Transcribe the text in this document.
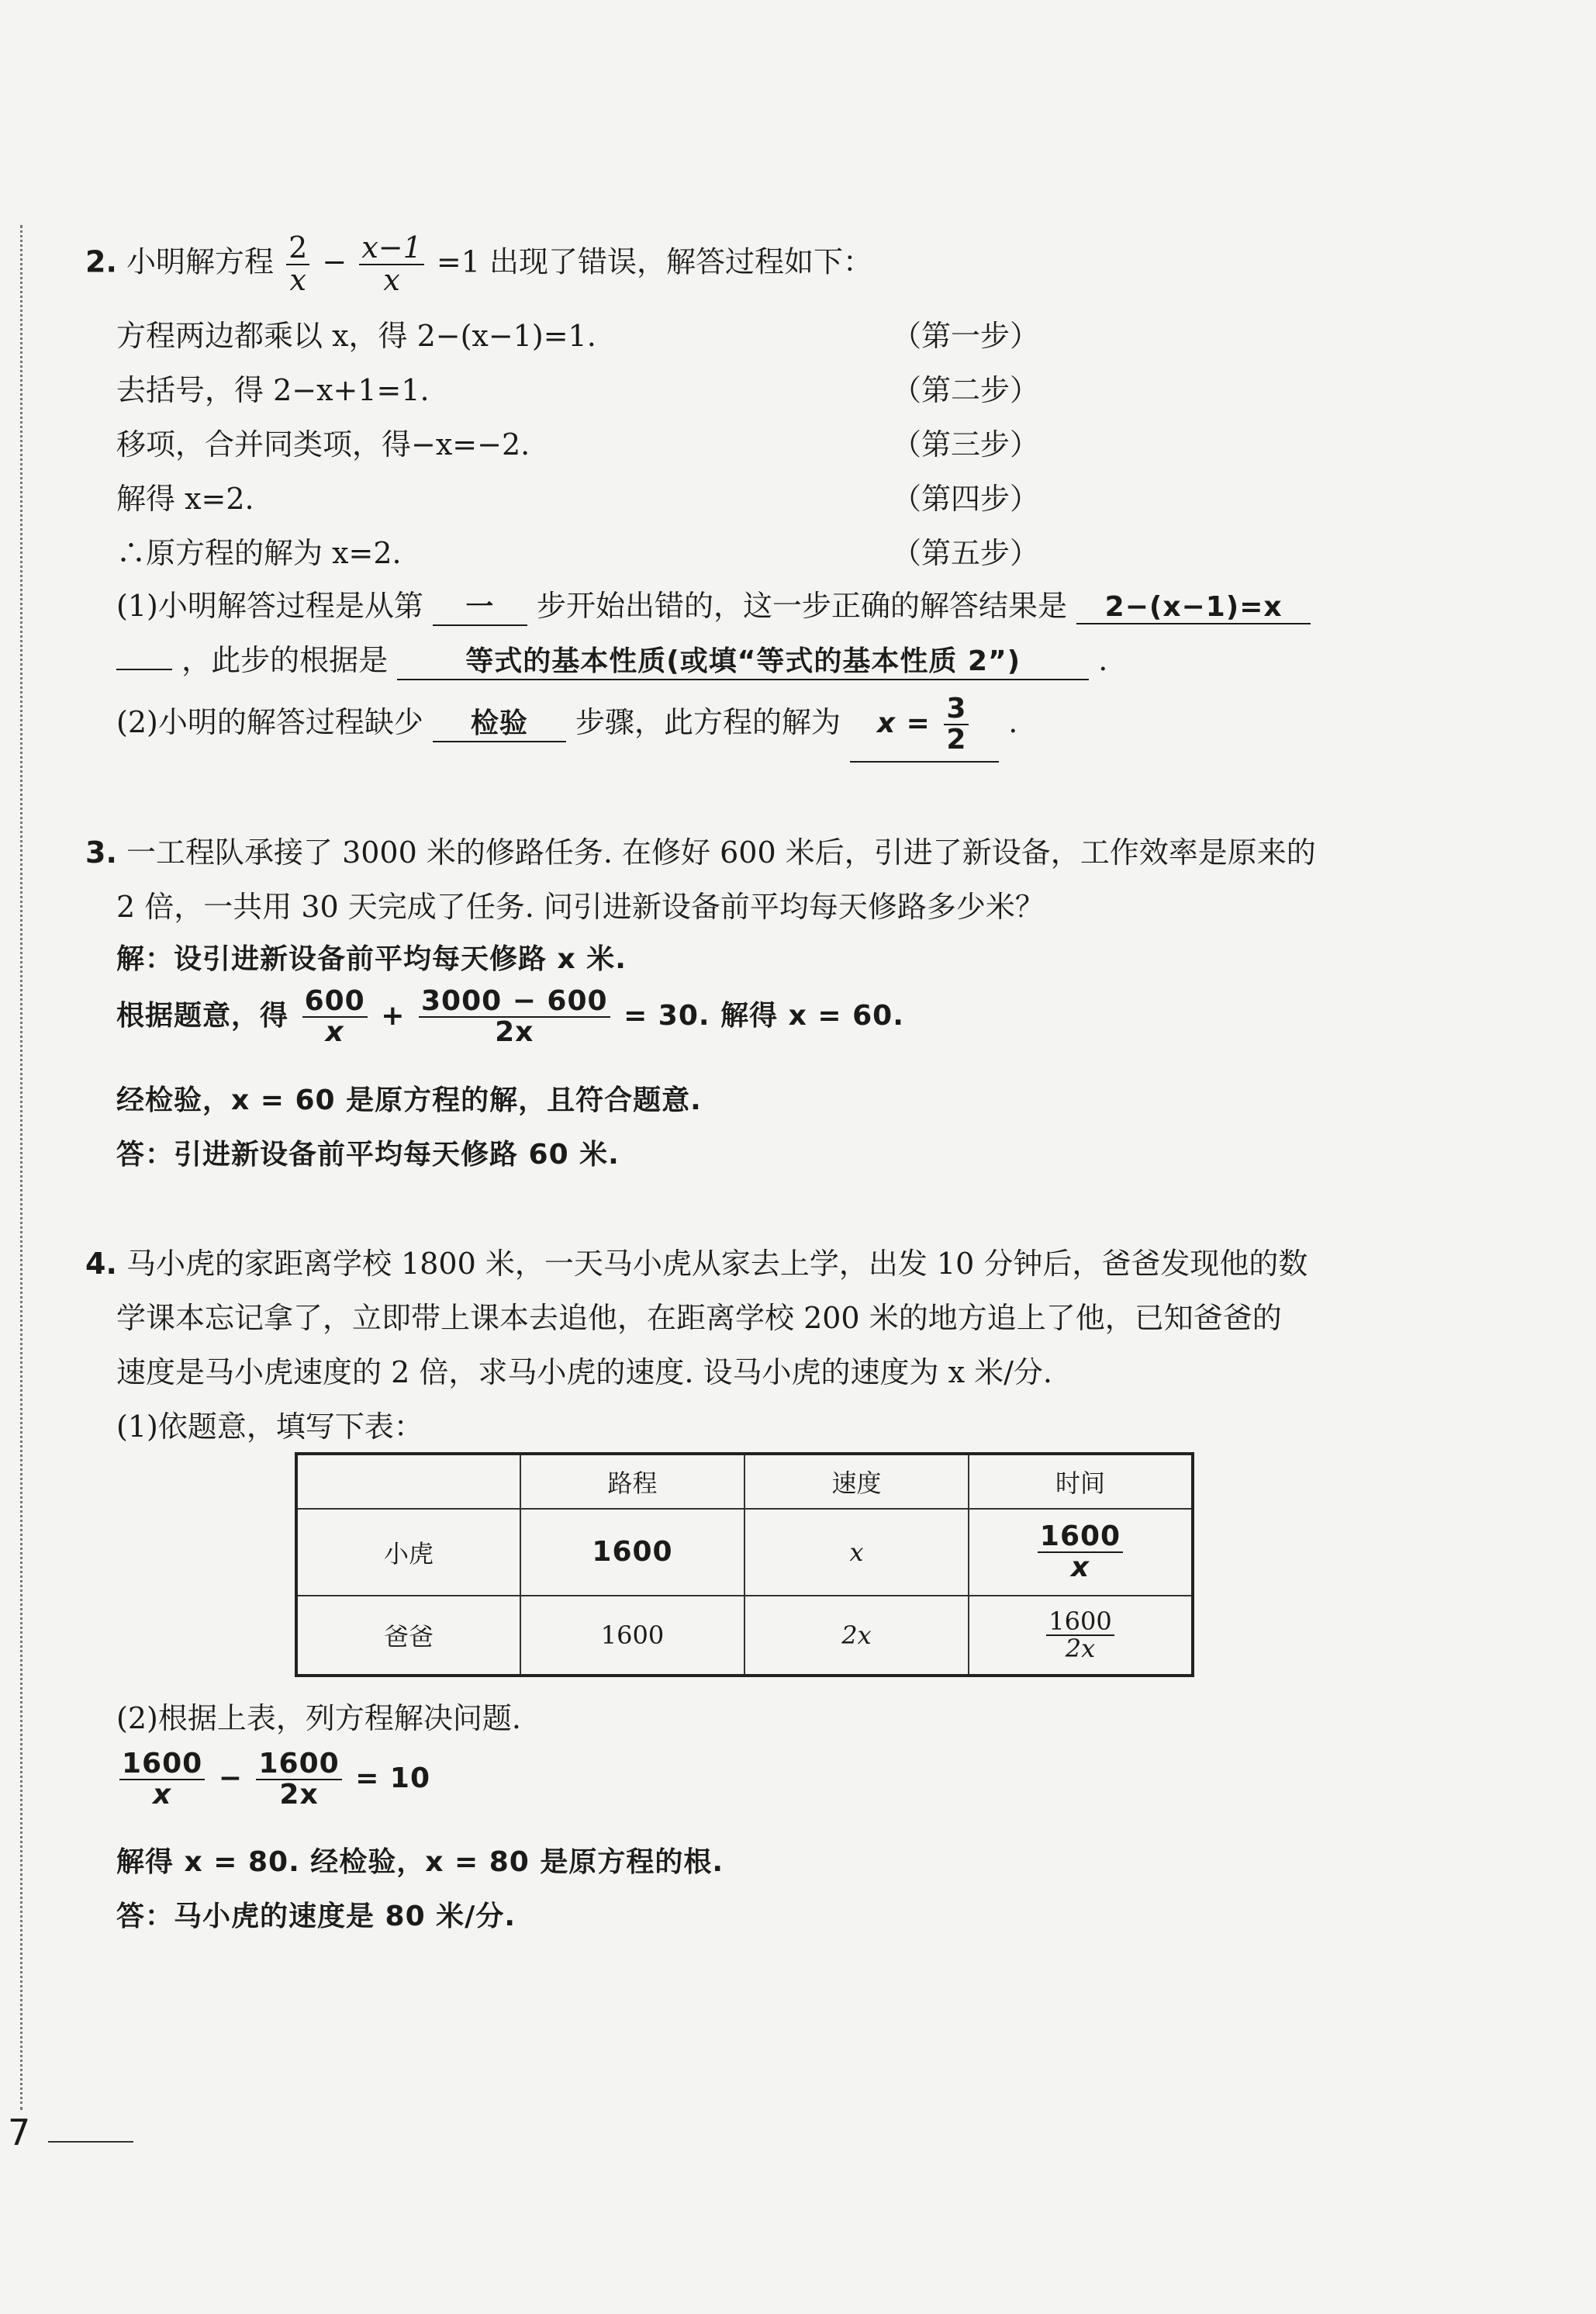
2. 小明解方程 $\frac{2}{x} - \frac{x-1}{x} =1$ 出现了错误，解答过程如下：
方程两边都乘以 x，得 2−(x−1)=1.	（第一步）
去括号，得 2−x+1=1.	（第二步）
移项，合并同类项，得−x=−2.	（第三步）
解得 x=2.	（第四步）
∴原方程的解为 x=2.	（第五步）
(1)小明解答过程是从第 一 步开始出错的，这一步正确的解答结果是 2−(x−1)=x
，此步的根据是	等式的基本性质(或填“等式的基本性质 2”)	.
(2)小明的解答过程缺少 检验 步骤，此方程的解为 $x = \frac{3}{2}$ .
3. 一工程队承接了 3000 米的修路任务. 在修好 600 米后，引进了新设备，工作效率是原来的
2 倍，一共用 30 天完成了任务. 问引进新设备前平均每天修路多少米？
解：设引进新设备前平均每天修路 x 米.
根据题意，得 $\frac{600}{x} + \frac{3000 - 600}{2x} = 30$. 解得 x = 60.
经检验，x = 60 是原方程的解，且符合题意.
答：引进新设备前平均每天修路 60 米.
4. 马小虎的家距离学校 1800 米，一天马小虎从家去上学，出发 10 分钟后，爸爸发现他的数
学课本忘记拿了，立即带上课本去追他，在距离学校 200 米的地方追上了他，已知爸爸的
速度是马小虎速度的 2 倍，求马小虎的速度. 设马小虎的速度为 x 米/分.
(1)依题意，填写下表：
	路程	速度	时间
小虎	1600	x	$\frac{1600}{x}$

爸爸	1600	2x	$\frac{1600}{2x}$
(2)根据上表，列方程解决问题.
$\frac{1600}{x} - \frac{1600}{2x} = 10$
解得 x = 80. 经检验，x = 80 是原方程的根.
答：马小虎的速度是 80 米/分.
7
